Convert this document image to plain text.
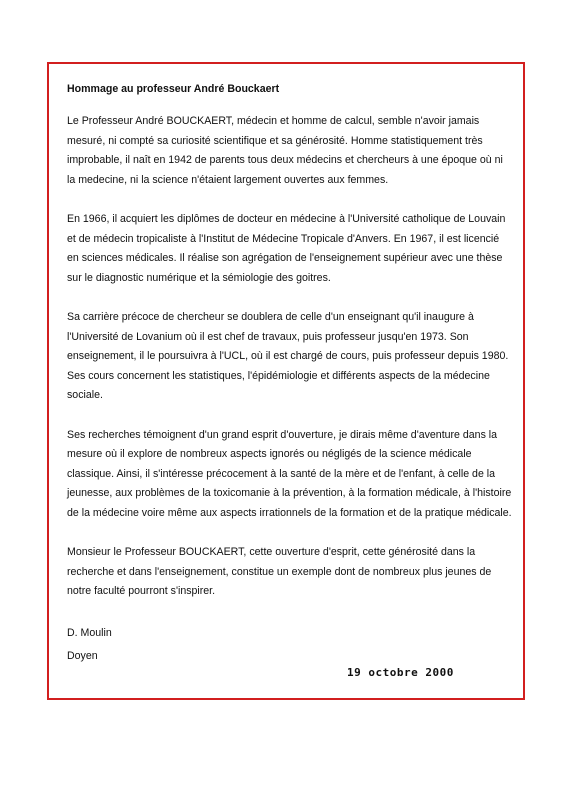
Hommage au professeur André Bouckaert

Le Professeur André BOUCKAERT, médecin et homme de calcul, semble n'avoir jamais mesuré, ni compté sa curiosité scientifique et sa générosité. Homme statistiquement très improbable, il naît en 1942 de parents tous deux médecins et chercheurs à une époque où ni la medecine, ni la science n'étaient largement ouvertes aux femmes.

En 1966, il acquiert les diplômes de docteur en médecine à l'Université catholique de Louvain et de médecin tropicaliste à l'Institut de Médecine Tropicale d'Anvers. En 1967, il est licencié en sciences médicales. Il réalise son agrégation de l'enseignement supérieur avec une thèse sur le diagnostic numérique et la sémiologie des goitres.

Sa carrière précoce de chercheur se doublera de celle d'un enseignant qu'il inaugure à l'Université de Lovanium où il est chef de travaux, puis professeur jusqu'en 1973. Son enseignement, il le poursuivra à l'UCL, où il est chargé de cours, puis professeur depuis 1980. Ses cours concernent les statistiques, l'épidémiologie et différents aspects de la médecine sociale.

Ses recherches témoignent d'un grand esprit d'ouverture, je dirais même d'aventure dans la mesure où il explore de nombreux aspects ignorés ou négligés de la science médicale classique. Ainsi, il s'intéresse précocement à la santé de la mère et de l'enfant, à celle de la jeunesse, aux problèmes de la toxicomanie à la prévention, à la formation médicale, à l'histoire de la médecine voire même aux aspects irrationnels de la formation et de la pratique médicale.

Monsieur le Professeur BOUCKAERT, cette ouverture d'esprit, cette générosité dans la recherche et dans l'enseignement, constitue un exemple dont de nombreux plus jeunes de notre faculté pourront s'inspirer.

D. Moulin
Doyen
19 octobre 2000
